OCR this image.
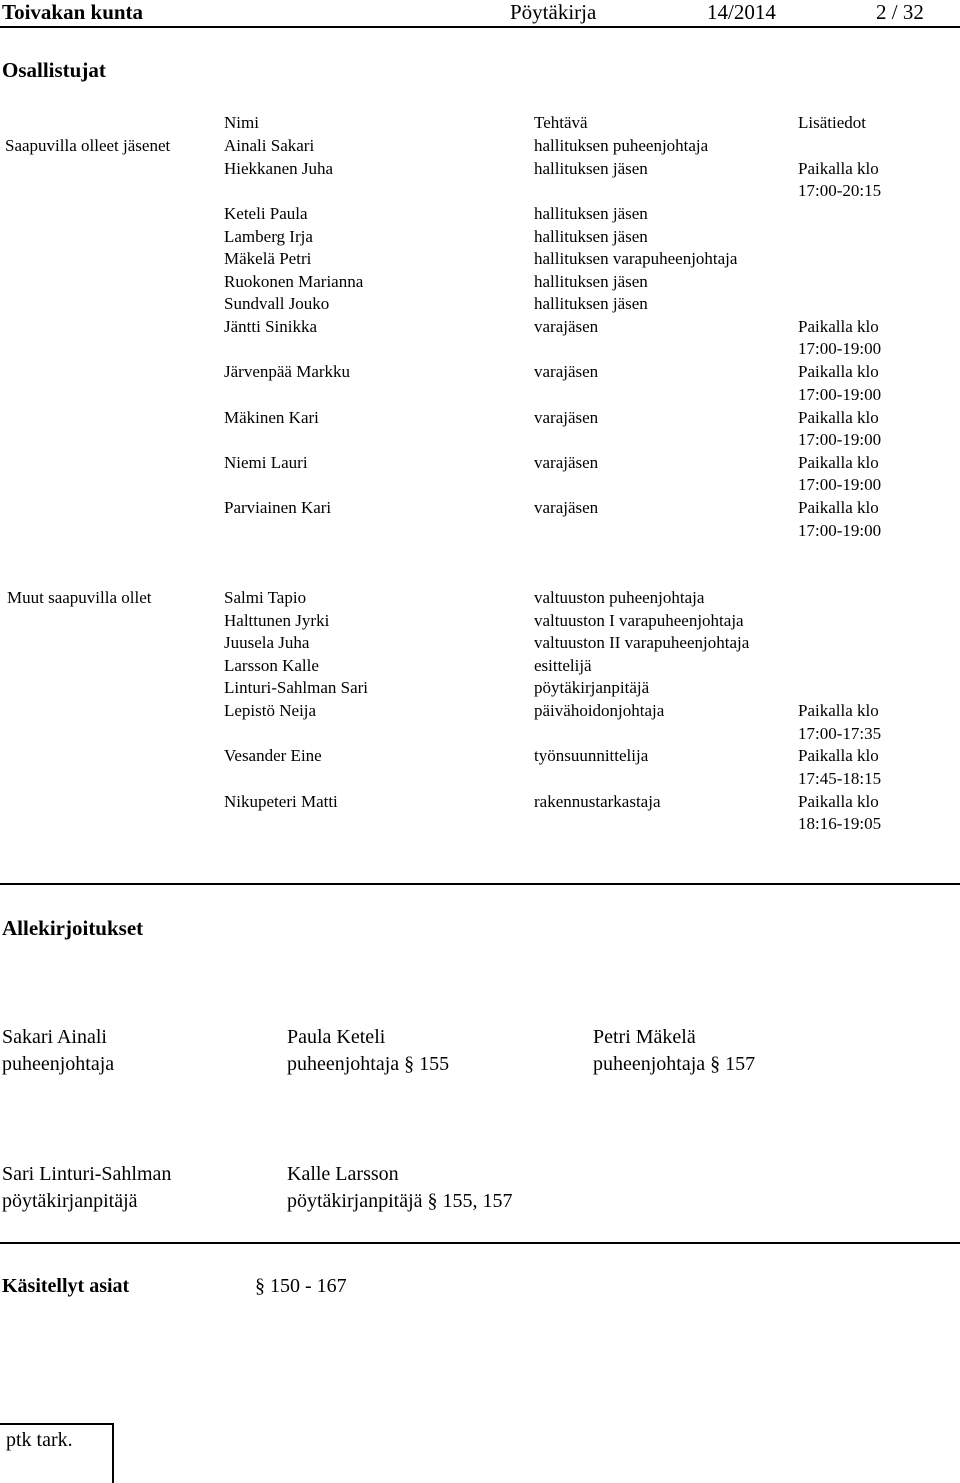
Toivakan kunta	Pöytäkirja	14/2014	2 / 32
Osallistujat
Nimi	Tehtävä	Lisätiedot
Saapuvilla olleet jäsenet	Ainali Sakari	hallituksen puheenjohtaja
Hiekkanen Juha	hallituksen jäsen	Paikalla klo
17:00-20:15
Keteli Paula	hallituksen jäsen
Lamberg Irja	hallituksen jäsen
Mäkelä Petri	hallituksen varapuheenjohtaja
Ruokonen Marianna	hallituksen jäsen
Sundvall Jouko	hallituksen jäsen
Jäntti Sinikka	varajäsen	Paikalla klo
17:00-19:00
Järvenpää Markku	varajäsen	Paikalla klo
17:00-19:00
Mäkinen Kari	varajäsen	Paikalla klo
17:00-19:00
Niemi Lauri	varajäsen	Paikalla klo
17:00-19:00
Parviainen Kari	varajäsen	Paikalla klo
17:00-19:00
Muut saapuvilla ollet	Salmi Tapio	valtuuston puheenjohtaja
Halttunen Jyrki	valtuuston I varapuheenjohtaja
Juusela Juha	valtuuston II varapuheenjohtaja
Larsson Kalle	esittelijä
Linturi-Sahlman Sari	pöytäkirjanpitäjä
Lepistö Neija	päivähoidonjohtaja	Paikalla klo
17:00-17:35
Vesander Eine	työnsuunnittelija	Paikalla klo
17:45-18:15
Nikupeteri Matti	rakennustarkastaja	Paikalla klo
18:16-19:05
Allekirjoitukset
Sakari Ainali
puheenjohtaja
Paula Keteli
puheenjohtaja § 155
Petri Mäkelä
puheenjohtaja § 157
Sari Linturi-Sahlman
pöytäkirjanpitäjä
Kalle Larsson
pöytäkirjanpitäjä § 155, 157
Käsitellyt asiat	§ 150 - 167
ptk tark.
